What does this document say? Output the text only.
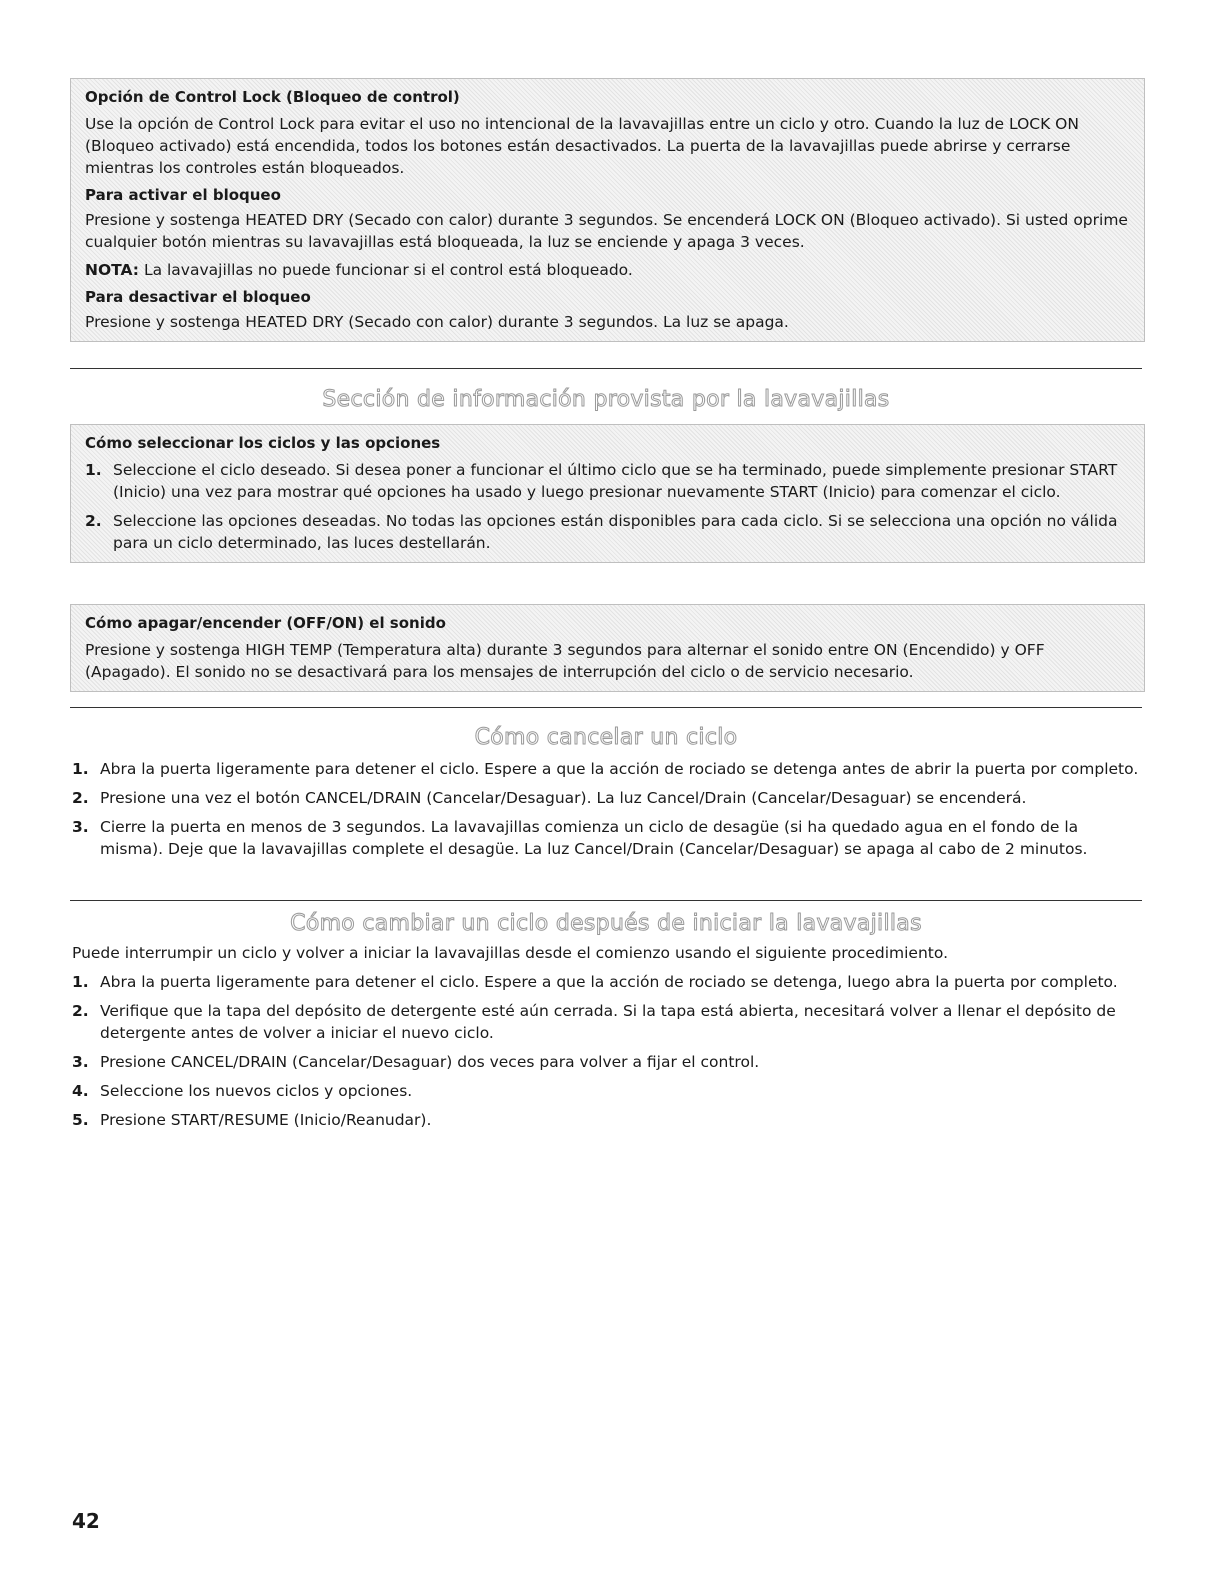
Opción de Control Lock (Bloqueo de control)
Use la opción de Control Lock para evitar el uso no intencional de la lavavajillas entre un ciclo y otro. Cuando la luz de LOCK ON (Bloqueo activado) está encendida, todos los botones están desactivados. La puerta de la lavavajillas puede abrirse y cerrarse mientras los controles están bloqueados.
Para activar el bloqueo
Presione y sostenga HEATED DRY (Secado con calor) durante 3 segundos. Se encenderá LOCK ON (Bloqueo activado). Si usted oprime cualquier botón mientras su lavavajillas está bloqueada, la luz se enciende y apaga 3 veces.
NOTA: La lavavajillas no puede funcionar si el control está bloqueado.
Para desactivar el bloqueo
Presione y sostenga HEATED DRY (Secado con calor) durante 3 segundos. La luz se apaga.
Sección de información provista por la lavavajillas
Cómo seleccionar los ciclos y las opciones
1. Seleccione el ciclo deseado. Si desea poner a funcionar el último ciclo que se ha terminado, puede simplemente presionar START (Inicio) una vez para mostrar qué opciones ha usado y luego presionar nuevamente START (Inicio) para comenzar el ciclo.
2. Seleccione las opciones deseadas. No todas las opciones están disponibles para cada ciclo. Si se selecciona una opción no válida para un ciclo determinado, las luces destellarán.
Cómo apagar/encender (OFF/ON) el sonido
Presione y sostenga HIGH TEMP (Temperatura alta) durante 3 segundos para alternar el sonido entre ON (Encendido) y OFF (Apagado). El sonido no se desactivará para los mensajes de interrupción del ciclo o de servicio necesario.
Cómo cancelar un ciclo
1. Abra la puerta ligeramente para detener el ciclo. Espere a que la acción de rociado se detenga antes de abrir la puerta por completo.
2. Presione una vez el botón CANCEL/DRAIN (Cancelar/Desaguar). La luz Cancel/Drain (Cancelar/Desaguar) se encenderá.
3. Cierre la puerta en menos de 3 segundos. La lavavajillas comienza un ciclo de desagüe (si ha quedado agua en el fondo de la misma). Deje que la lavavajillas complete el desagüe. La luz Cancel/Drain (Cancelar/Desaguar) se apaga al cabo de 2 minutos.
Cómo cambiar un ciclo después de iniciar la lavavajillas
Puede interrumpir un ciclo y volver a iniciar la lavavajillas desde el comienzo usando el siguiente procedimiento.
1. Abra la puerta ligeramente para detener el ciclo. Espere a que la acción de rociado se detenga, luego abra la puerta por completo.
2. Verifique que la tapa del depósito de detergente esté aún cerrada. Si la tapa está abierta, necesitará volver a llenar el depósito de detergente antes de volver a iniciar el nuevo ciclo.
3. Presione CANCEL/DRAIN (Cancelar/Desaguar) dos veces para volver a fijar el control.
4. Seleccione los nuevos ciclos y opciones.
5. Presione START/RESUME (Inicio/Reanudar).
42
